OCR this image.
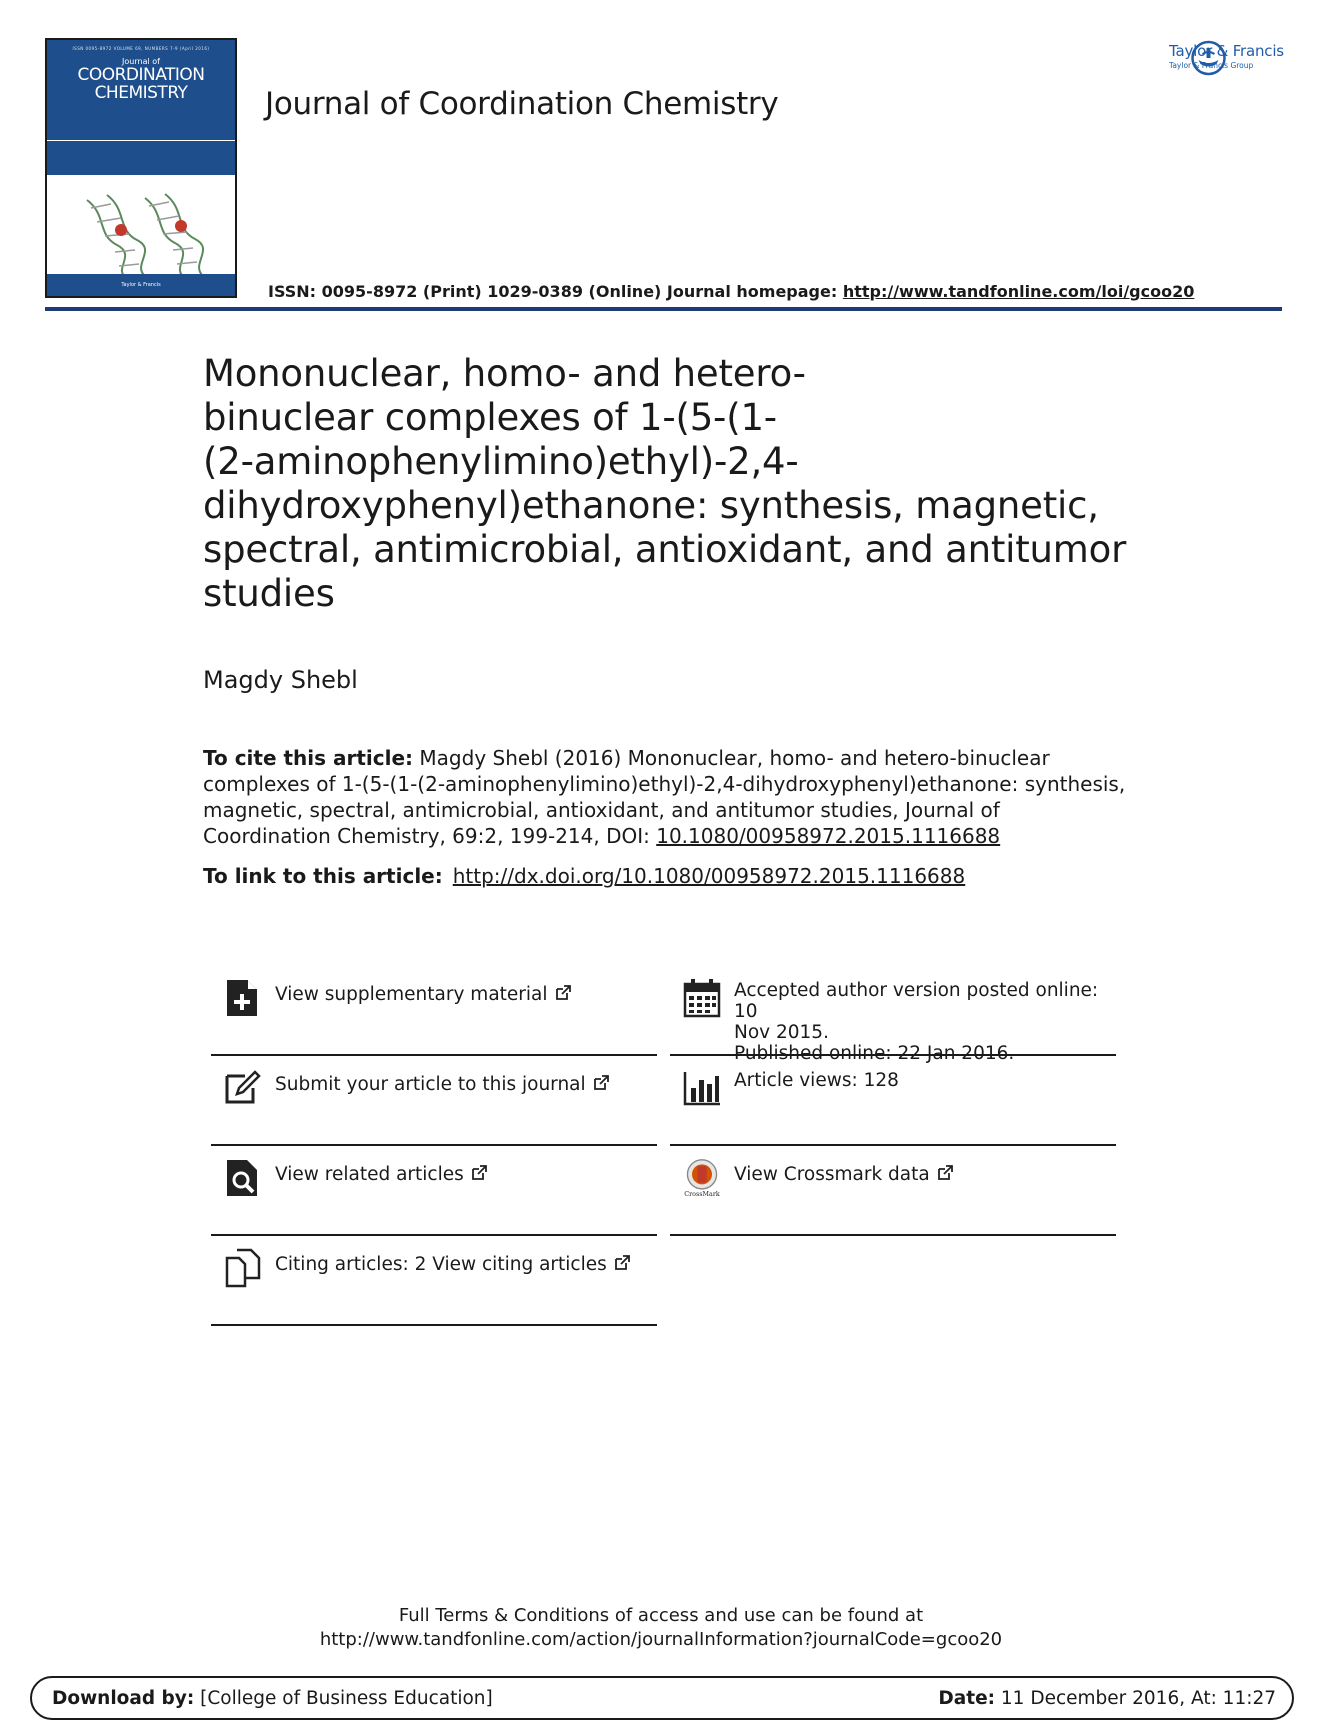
ISSN 0095-8972 VOLUME 69, NUMBERS 7-9 (April 2016)
Journal of
COORDINATION
CHEMISTRY

Taylor & Francis
Journal of Coordination Chemistry
Taylor & Francis
Taylor & Francis Group
ISSN: 0095-8972 (Print) 1029-0389 (Online) Journal homepage: http://www.tandfonline.com/loi/gcoo20
Mononuclear, homo- and hetero-
binuclear complexes of 1-(5-(1-
(2-aminophenylimino)ethyl)-2,4-
dihydroxyphenyl)ethanone: synthesis, magnetic,
spectral, antimicrobial, antioxidant, and antitumor
studies
Magdy Shebl
To cite this article: Magdy Shebl (2016) Mononuclear, homo- and hetero-binuclear complexes of 1-(5-(1-(2-aminophenylimino)ethyl)-2,4-dihydroxyphenyl)ethanone: synthesis, magnetic, spectral, antimicrobial, antioxidant, and antitumor studies, Journal of Coordination Chemistry, 69:2, 199-214, DOI: 10.1080/00958972.2015.1116688
To link to this article: http://dx.doi.org/10.1080/00958972.2015.1116688
View supplementary material
Submit your article to this journal
View related articles
Citing articles: 2 View citing articles
Accepted author version posted online: 10
Nov 2015.
Published online: 22 Jan 2016.
Article views: 128
CrossMark
View Crossmark data
Full Terms & Conditions of access and use can be found at
http://www.tandfonline.com/action/journalInformation?journalCode=gcoo20
Download by: [College of Business Education]	Date: 11 December 2016, At: 11:27
